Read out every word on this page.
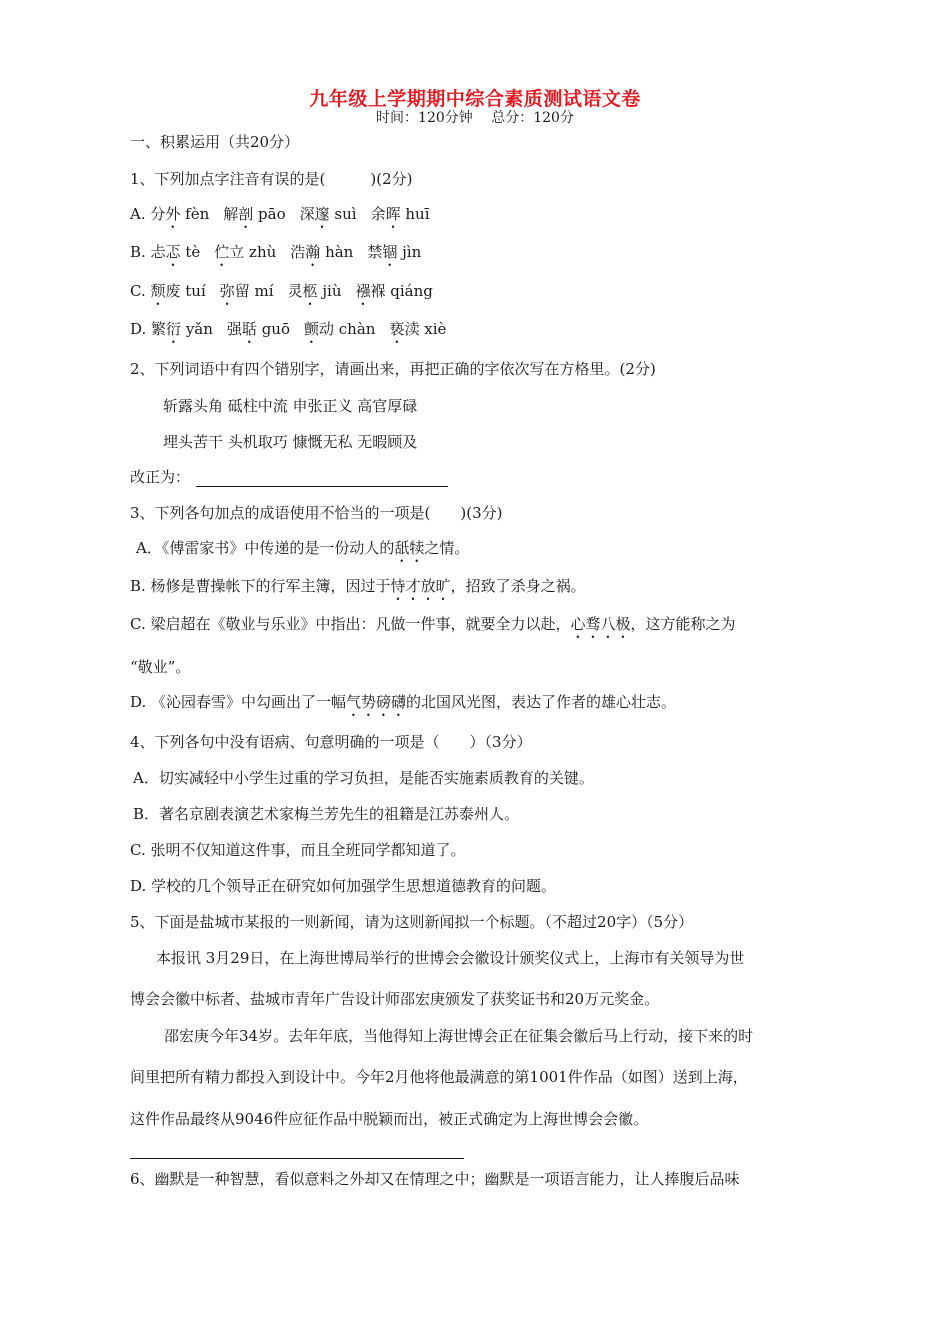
九年级上学期期中综合素质测试语文卷
时间：120分钟　 总分：120分
一、积累运用（共20分）
1、下列加点字注音有误的是(　　　)(2分)
A. 分外 fèn 解剖 pāo 深邃 suì 余晖 huī
B. 忐忑 tè 伫立 zhù 浩瀚 hàn 禁锢 jìn
C. 颓废 tuí 弥留 mí 灵柩 jiù 襁褓 qiáng
D. 繁衍 yǎn 强聒 guō 颤动 chàn 亵渎 xiè
2、下列词语中有四个错别字，请画出来，再把正确的字依次写在方格里。(2分)
斩露头角 砥柱中流 申张正义 高官厚碌
埋头苦干 头机取巧 慷慨无私 无暇顾及
改正为：
3、下列各句加点的成语使用不恰当的一项是(　　)(3分)
A．《傅雷家书》中传递的是一份动人的舐犊之情。
B. 杨修是曹操帐下的行军主簿，因过于恃才放旷，招致了杀身之祸。
C. 梁启超在《敬业与乐业》中指出：凡做一件事，就要全力以赴，心骛八极，这方能称之为
“敬业”。
D. 《沁园春雪》中勾画出了一幅气势磅礴的北国风光图，表达了作者的雄心壮志。
4、下列各句中没有语病、句意明确的一项是（　　）（3分）
A．切实减轻中小学生过重的学习负担，是能否实施素质教育的关键。
B．著名京剧表演艺术家梅兰芳先生的祖籍是江苏泰州人。
C. 张明不仅知道这件事，而且全班同学都知道了。
D. 学校的几个领导正在研究如何加强学生思想道德教育的问题。
5、下面是盐城市某报的一则新闻，请为这则新闻拟一个标题。（不超过20字）（5分）
本报讯 3月29日，在上海世博局举行的世博会会徽设计颁奖仪式上，上海市有关领导为世
博会会徽中标者、盐城市青年广告设计师邵宏庚颁发了获奖证书和20万元奖金。
邵宏庚今年34岁。去年年底，当他得知上海世博会正在征集会徽后马上行动，接下来的时
间里把所有精力都投入到设计中。今年2月他将他最满意的第1001件作品（如图）送到上海，
这件作品最终从9046件应征作品中脱颖而出，被正式确定为上海世博会会徽。
6、幽默是一种智慧，看似意料之外却又在情理之中；幽默是一项语言能力，让人捧腹后品味
